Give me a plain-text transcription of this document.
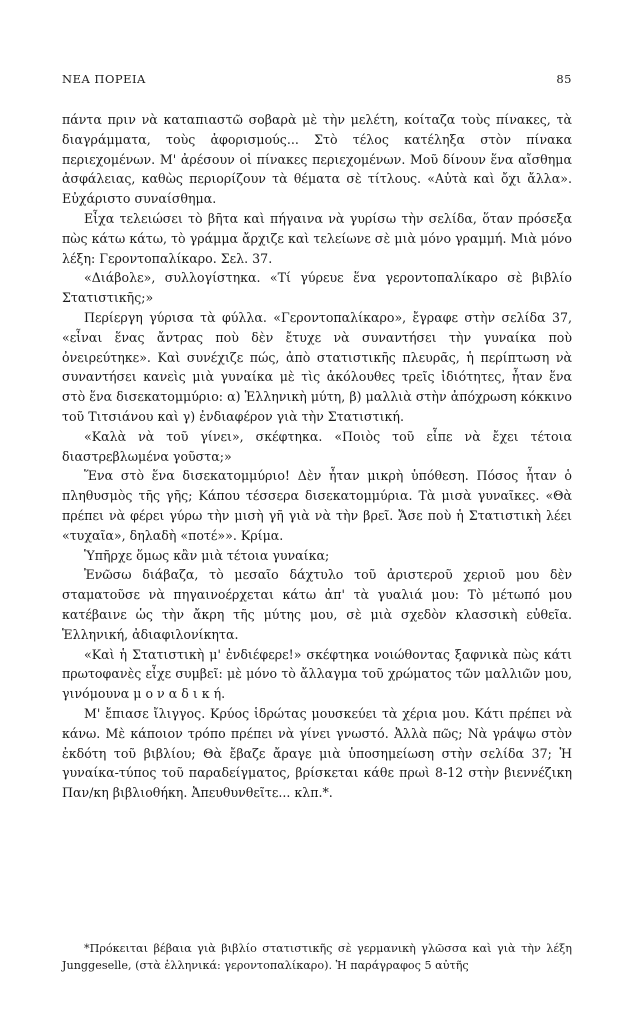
ΝΕΑ ΠΟΡΕΙΑ	85

πάντα πριν νὰ καταπιαστῶ σοβαρὰ μὲ τὴν μελέτη, κοίταζα τοὺς πίνακες, τὰ διαγράμματα, τοὺς ἀφορισμούς... Στὸ τέλος κατέληξα στὸν πίνακα περιεχομένων. Μ' ἀρέσουν οἱ πίνακες περιεχομένων. Μοῦ δίνουν ἕνα αἴσθημα ἀσφάλειας, καθὼς περιορίζουν τὰ θέματα σὲ τίτλους. «Αὐτὰ καὶ ὄχι ἄλλα». Εὐχάριστο συναίσθημα.

Εἶχα τελειώσει τὸ βῆτα καὶ πήγαινα νὰ γυρίσω τὴν σελίδα, ὅταν πρόσεξα πὼς κάτω κάτω, τὸ γράμμα ἄρχιζε καὶ τελείωνε σὲ μιὰ μόνο γραμμή. Μιὰ μόνο λέξη: Γεροντοπαλίκαρο. Σελ. 37.

«Διάβολε», συλλογίστηκα. «Τί γύρευε ἕνα γεροντοπαλίκαρο σὲ βιβλίο Στατιστικῆς;»

Περίεργη γύρισα τὰ φύλλα. «Γεροντοπαλίκαρο», ἔγραφε στὴν σελίδα 37, «εἶναι ἕνας ἄντρας ποὺ δὲν ἔτυχε νὰ συναντήσει τὴν γυναίκα ποὺ ὀνειρεύτηκε». Καὶ συνέχιζε πώς, ἀπὸ στατιστικῆς πλευρᾶς, ἡ περίπτωση νὰ συναντήσει κανεὶς μιὰ γυναίκα μὲ τὶς ἀκόλουθες τρεῖς ἰδιότητες, ἦταν ἕνα στὸ ἕνα δισεκατομμύριο: α) Ἑλληνικὴ μύτη, β) μαλλιὰ στὴν ἀπόχρωση κόκκινο τοῦ Τιτσιάνου καὶ γ) ἐνδιαφέρον γιὰ τὴν Στατιστική.

«Καλὰ νὰ τοῦ γίνει», σκέφτηκα. «Ποιὸς τοῦ εἶπε νὰ ἔχει τέτοια διαστρεβλωμένα γοῦστα;»

Ἕνα στὸ ἕνα δισεκατομμύριο! Δὲν ἦταν μικρὴ ὑπόθεση. Πόσος ἦταν ὁ πληθυσμὸς τῆς γῆς; Κάπου τέσσερα δισεκατομμύρια. Τὰ μισὰ γυναῖκες. «Θὰ πρέπει νὰ φέρει γύρω τὴν μισὴ γῆ γιὰ νὰ τὴν βρεῖ. Ἄσε ποὺ ἡ Στατιστικὴ λέει «τυχαῖα», δηλαδὴ «ποτέ»». Κρίμα.

Ὑπῆρχε ὅμως κἂν μιὰ τέτοια γυναίκα;

Ἐνῶσω διάβαζα, τὸ μεσαῖο δάχτυλο τοῦ ἀριστεροῦ χεριοῦ μου δὲν σταματοῦσε νὰ πηγαινοέρχεται κάτω ἀπ' τὰ γυαλιά μου: Τὸ μέτωπό μου κατέβαινε ὡς τὴν ἄκρη τῆς μύτης μου, σὲ μιὰ σχεδὸν κλασσικὴ εὐθεῖα. Ἑλληνική, ἀδιαφιλονίκητα.

«Καὶ ἡ Στατιστικὴ μ' ἐνδιέφερε!» σκέφτηκα νοιώθοντας ξαφνικὰ πὼς κάτι πρωτοφανὲς εἶχε συμβεῖ: μὲ μόνο τὸ ἄλλαγμα τοῦ χρώματος τῶν μαλλιῶν μου, γινόμουνα μ ο ν α δ ι κ ή.

Μ' ἔπιασε ἴλιγγος. Κρύος ἱδρώτας μουσκεύει τὰ χέρια μου. Κάτι πρέπει νὰ κάνω. Μὲ κάποιον τρόπο πρέπει νὰ γίνει γνωστό. Ἀλλὰ πῶς; Νὰ γράψω στὸν ἐκδότη τοῦ βιβλίου; Θὰ ἔβαζε ἄραγε μιὰ ὑποσημείωση στὴν σελίδα 37; Ἡ γυναίκα-τύπος τοῦ παραδείγματος, βρίσκεται κάθε πρωὶ 8-12 στὴν βιεννέζικη Παν/κη βιβλιοθήκη. Ἀπευθυνθεῖτε... κλπ.*.

*Πρόκειται βέβαια γιὰ βιβλίο στατιστικῆς σὲ γερμανικὴ γλῶσσα καὶ γιὰ τὴν λέξη Junggeselle, (στὰ ἑλληνικά: γεροντοπαλίκαρο). Ἡ παράγραφος 5 αὐτῆς
